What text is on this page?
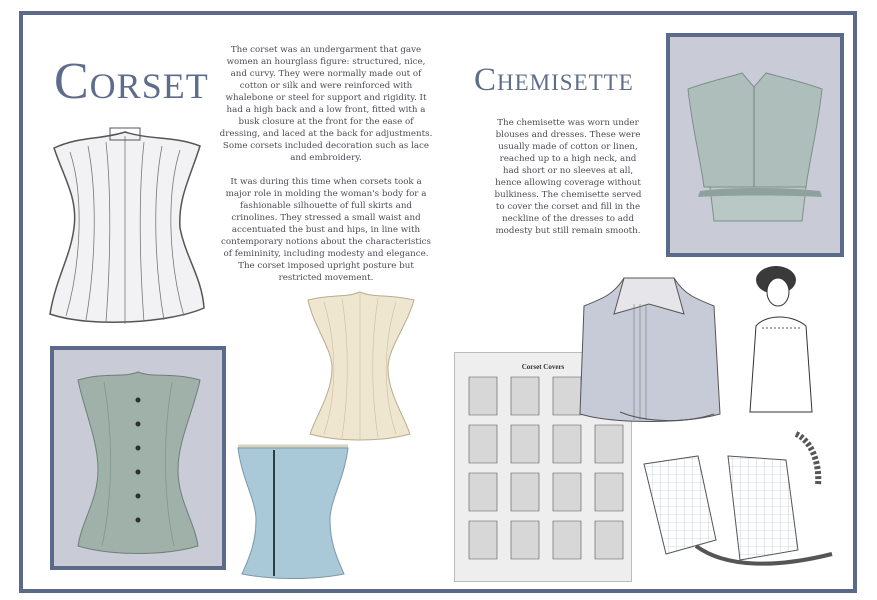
Corset

The corset was an undergarment that gave women an hourglass figure: structured, nice, and curvy. They were normally made out of cotton or silk and were reinforced with whalebone or steel for support and rigidity. It had a high back and a low front, fitted with a busk closure at the front for the ease of dressing, and laced at the back for adjustments. Some corsets included decoration such as lace and embroidery.

It was during this time when corsets took a major role in molding the woman's body for a fashionable silhouette of full skirts and crinolines. They stressed a small waist and accentuated the bust and hips, in line with contemporary notions about the characteristics of femininity, including modesty and elegance. The corset imposed upright posture but restricted movement.

Chemisette

The chemisette was worn under blouses and dresses. These were usually made of cotton or linen, reached up to a high neck, and had short or no sleeves at all, hence allowing coverage without bulkiness. The chemisette served to cover the corset and fill in the neckline of the dresses to add modesty but still remain smooth.

Corset Covers
